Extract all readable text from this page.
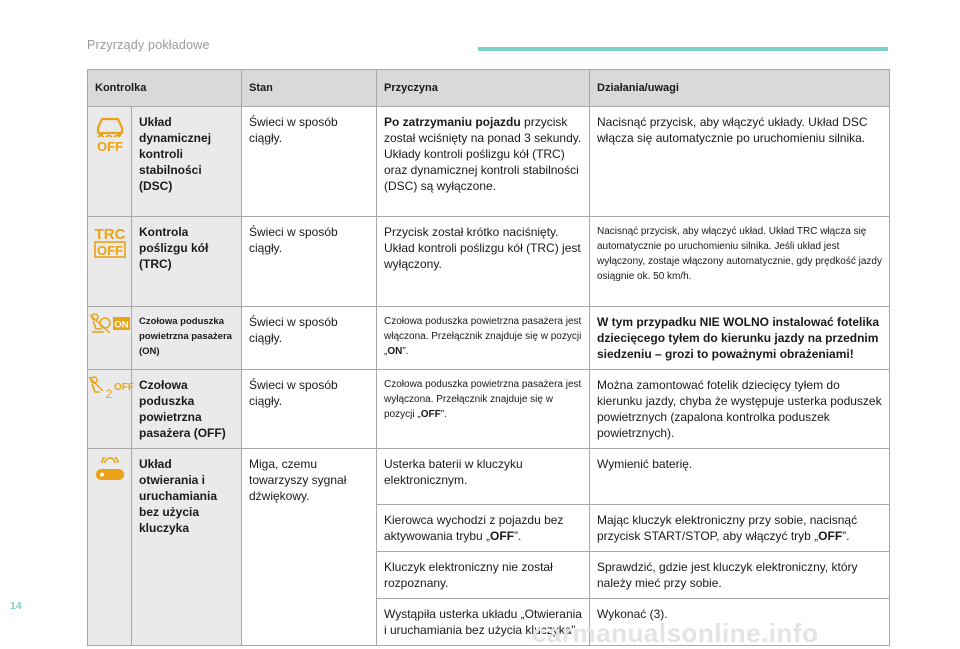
Przyrządy pokładowe
Kontrolka		Stan	Przyczyna	Działania/uwagi

OFF	Układ dynamicznej kontroli stabilności (DSC)	Świeci w sposób ciągły.	Po zatrzymaniu pojazdu przycisk został wciśnięty na ponad 3 sekundy. Układy kontroli poślizgu kół (TRC) oraz dynamicznej kontroli stabilności (DSC) są wyłączone.	Nacisnąć przycisk, aby włączyć układy. Układ DSC włącza się automatycznie po uruchomieniu silnika.

TRC
OFF	Kontrola poślizgu kół (TRC)	Świeci w sposób ciągły.	Przycisk został krótko naciśnięty. Układ kontroli poślizgu kół (TRC) jest wyłączony.	Nacisnąć przycisk, aby włączyć układ. Układ TRC włącza się automatycznie po uruchomieniu silnika. Jeśli układ jest wyłączony, zostaje włączony automatycznie, gdy prędkość jazdy osiągnie ok. 50 km/h.

ON	Czołowa poduszka powietrzna pasażera (ON)	Świeci w sposób ciągły.	Czołowa poduszka powietrzna pasażera jest włączona. Przełącznik znajduje się w pozycji „ON”.	W tym przypadku NIE WOLNO instalować fotelika dziecięcego tyłem do kierunku jazdy na przednim siedzeniu – grozi to poważnymi obrażeniami!

2 OFF	Czołowa poduszka powietrzna pasażera (OFF)	Świeci w sposób ciągły.	Czołowa poduszka powietrzna pasażera jest wyłączona. Przełącznik znajduje się w pozycji „OFF”.	Można zamontować fotelik dziecięcy tyłem do kierunku jazdy, chyba że występuje usterka poduszek powietrznych (zapalona kontrolka poduszek powietrznych).

	Układ otwierania i uruchamiania bez użycia kluczyka	Miga, czemu towarzyszy sygnał dźwiękowy.	Usterka baterii w kluczyku elektronicznym.	Wymienić baterię.
			Kierowca wychodzi z pojazdu bez aktywowania trybu „OFF”.	Mając kluczyk elektroniczny przy sobie, nacisnąć przycisk START/STOP, aby włączyć tryb „OFF”.
			Kluczyk elektroniczny nie został rozpoznany.	Sprawdzić, gdzie jest kluczyk elektroniczny, który należy mieć przy sobie.
			Wystąpiła usterka układu „Otwierania i uruchamiania bez użycia kluczyka”.	Wykonać (3).
14
carmanualsonline.info
